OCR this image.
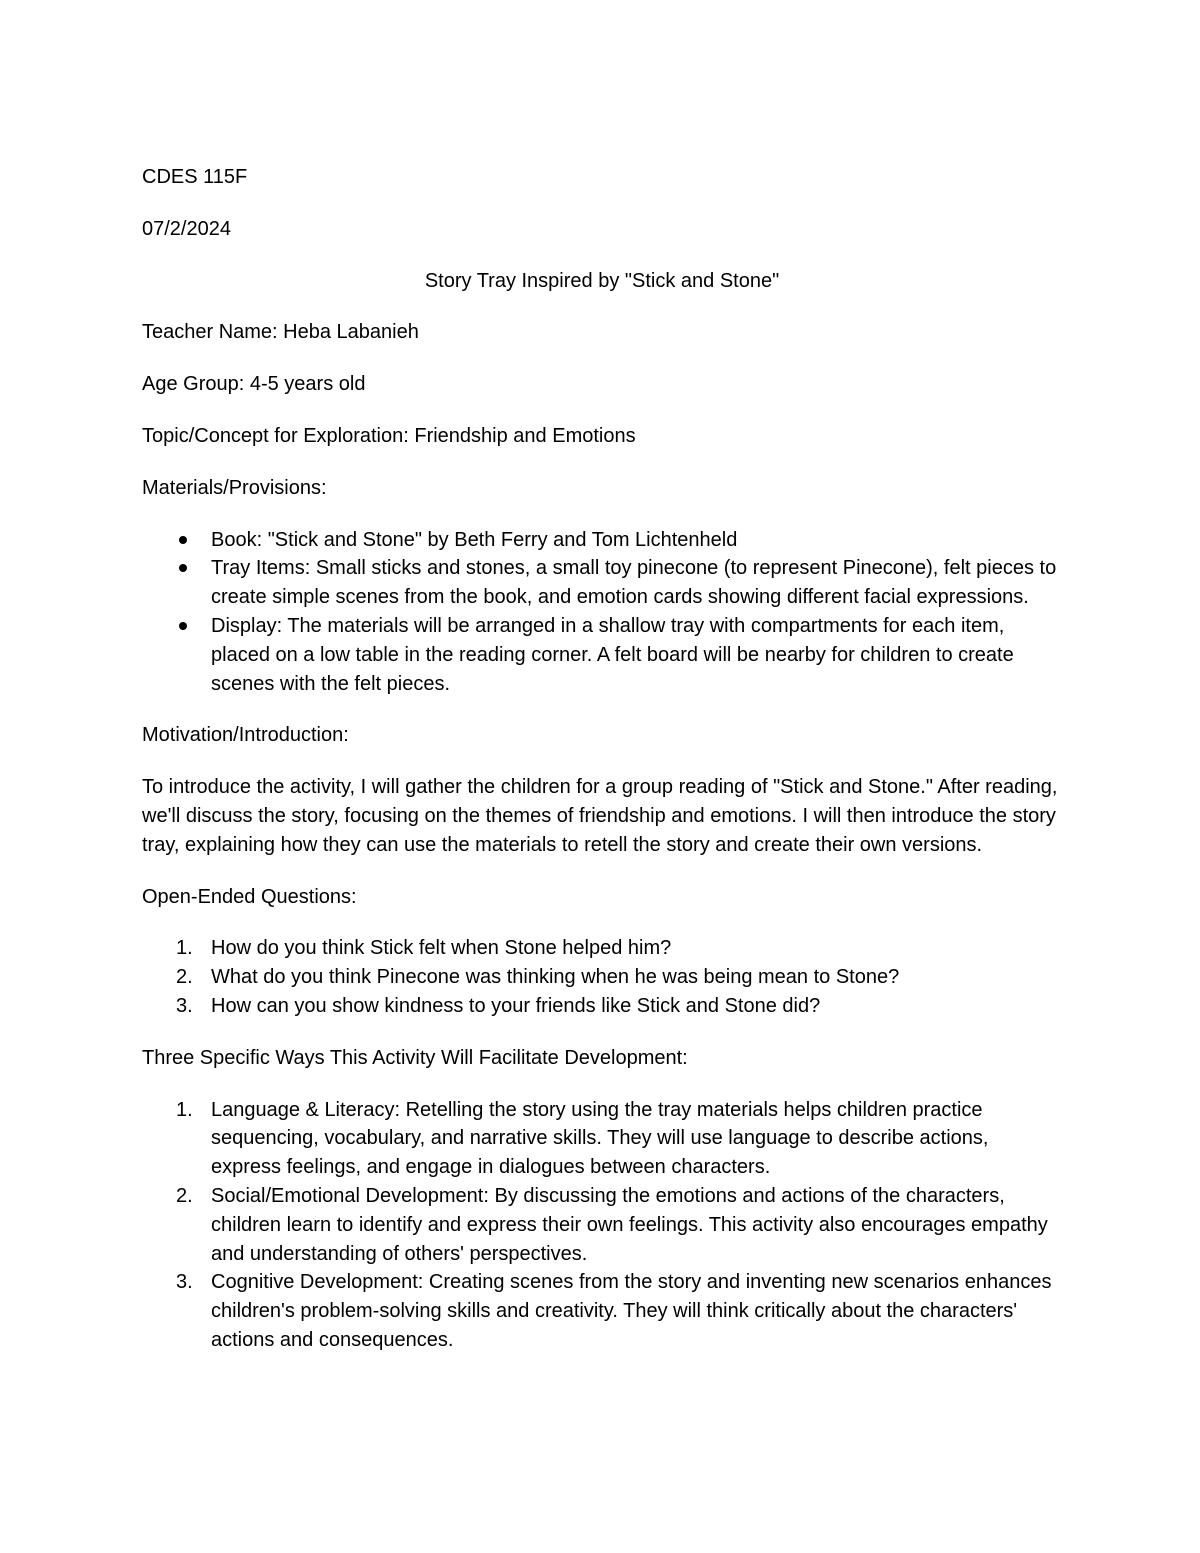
CDES 115F

07/2/2024

Story Tray Inspired by "Stick and Stone"

Teacher Name: Heba Labanieh

Age Group: 4-5 years old

Topic/Concept for Exploration: Friendship and Emotions

Materials/Provisions:

Book: "Stick and Stone" by Beth Ferry and Tom Lichtenheld
Tray Items: Small sticks and stones, a small toy pinecone (to represent Pinecone), felt pieces to create simple scenes from the book, and emotion cards showing different facial expressions.
Display: The materials will be arranged in a shallow tray with compartments for each item, placed on a low table in the reading corner. A felt board will be nearby for children to create scenes with the felt pieces.

Motivation/Introduction:

To introduce the activity, I will gather the children for a group reading of "Stick and Stone." After reading, we'll discuss the story, focusing on the themes of friendship and emotions. I will then introduce the story tray, explaining how they can use the materials to retell the story and create their own versions.

Open-Ended Questions:

1. How do you think Stick felt when Stone helped him?
2. What do you think Pinecone was thinking when he was being mean to Stone?
3. How can you show kindness to your friends like Stick and Stone did?

Three Specific Ways This Activity Will Facilitate Development:

1. Language & Literacy: Retelling the story using the tray materials helps children practice sequencing, vocabulary, and narrative skills. They will use language to describe actions, express feelings, and engage in dialogues between characters.
2. Social/Emotional Development: By discussing the emotions and actions of the characters, children learn to identify and express their own feelings. This activity also encourages empathy and understanding of others' perspectives.
3. Cognitive Development: Creating scenes from the story and inventing new scenarios enhances children's problem-solving skills and creativity. They will think critically about the characters' actions and consequences.
